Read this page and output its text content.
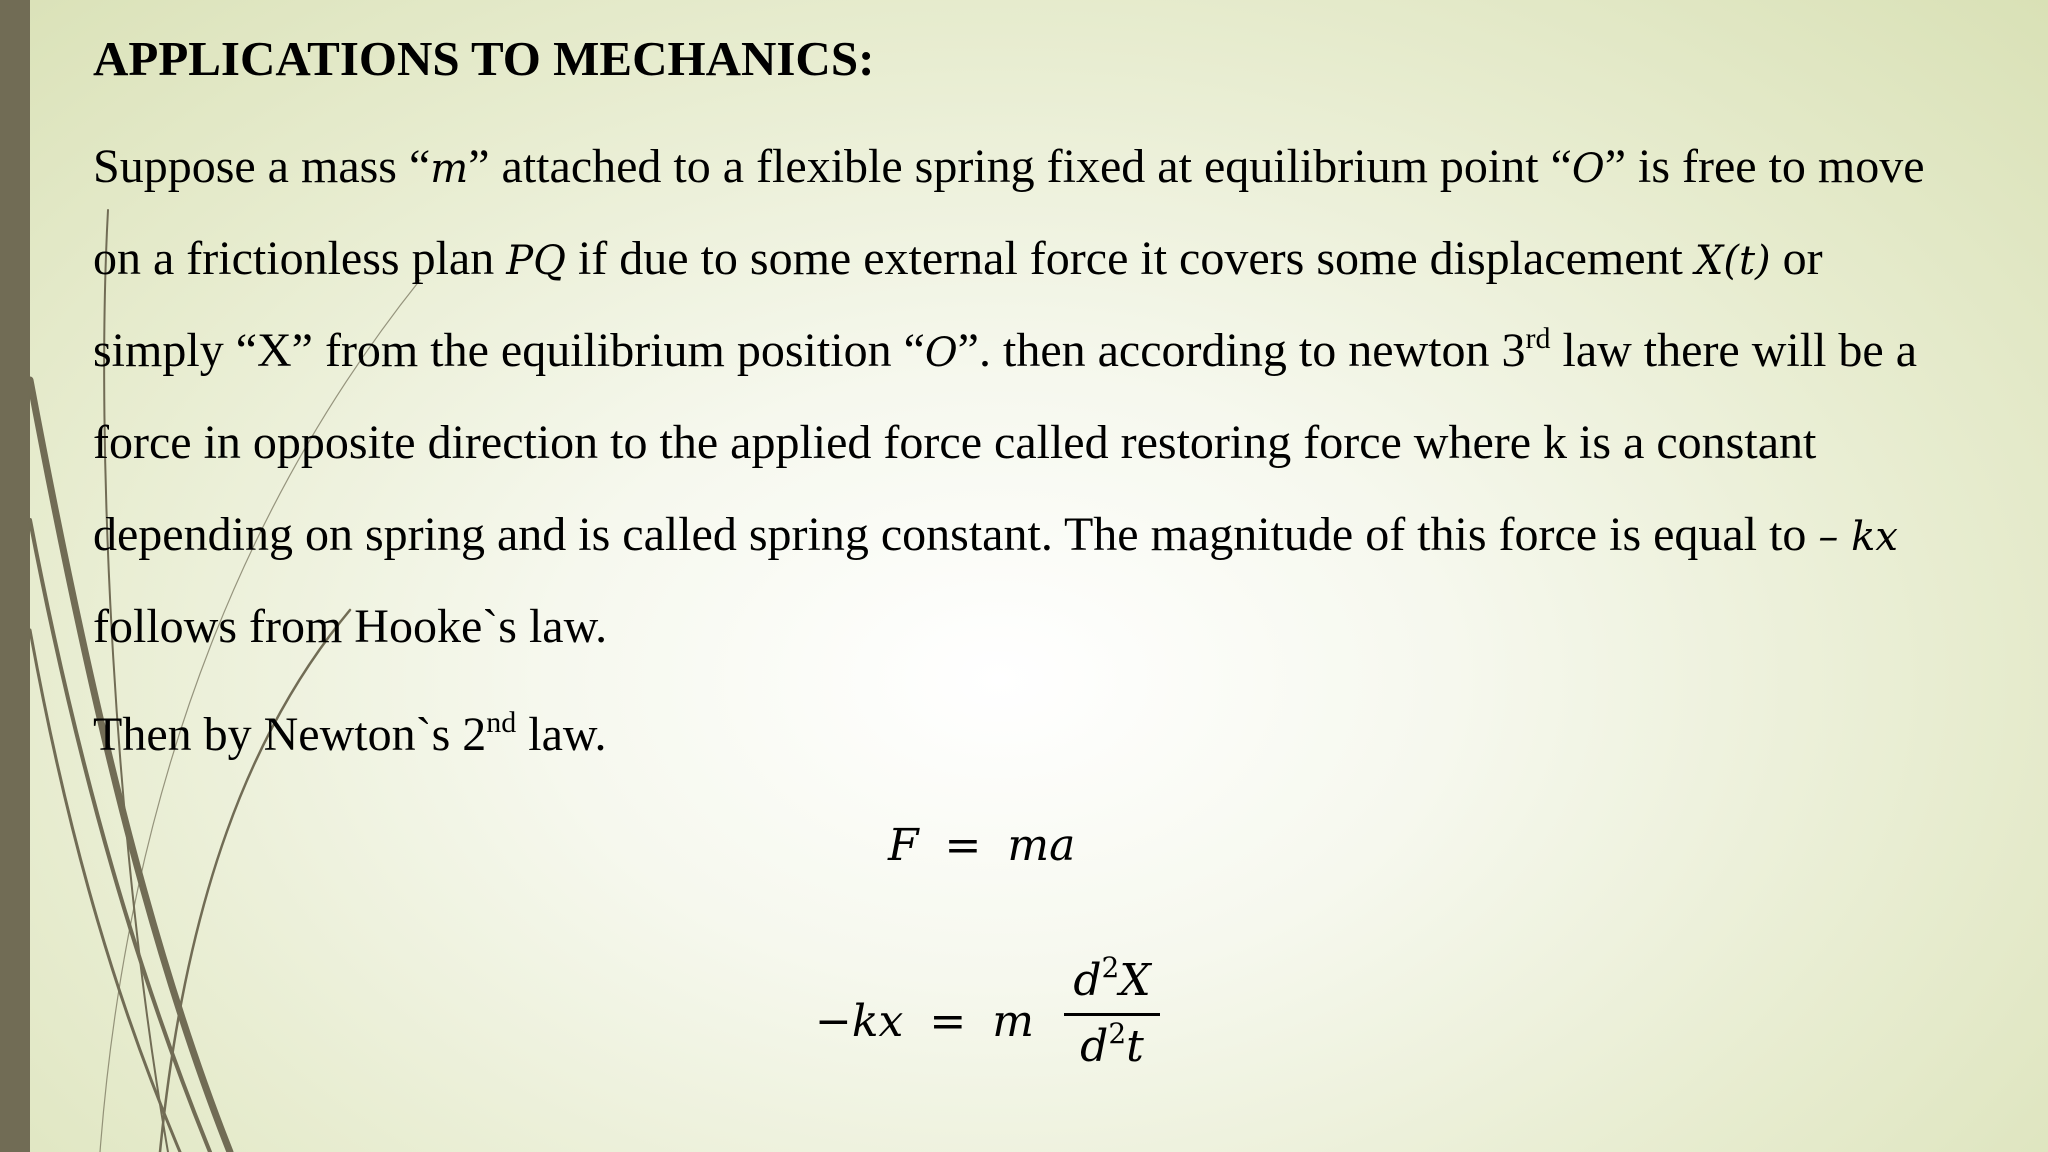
APPLICATIONS TO MECHANICS:
Suppose a mass “m” attached to a flexible spring fixed at equilibrium point “O” is free to move
on a frictionless plan PQ if due to some external force it covers some displacement X(t) or
simply “X” from the equilibrium position “O”. then according to newton 3rd law there will be a
force in opposite direction to the applied force called restoring force where k is a constant
depending on spring and is called spring constant. The magnitude of this force is equal to – kx
follows from Hooke`s law.
Then by Newton`s 2nd law.
F = ma
−kx = m
$d^2X$
$d^2t$
